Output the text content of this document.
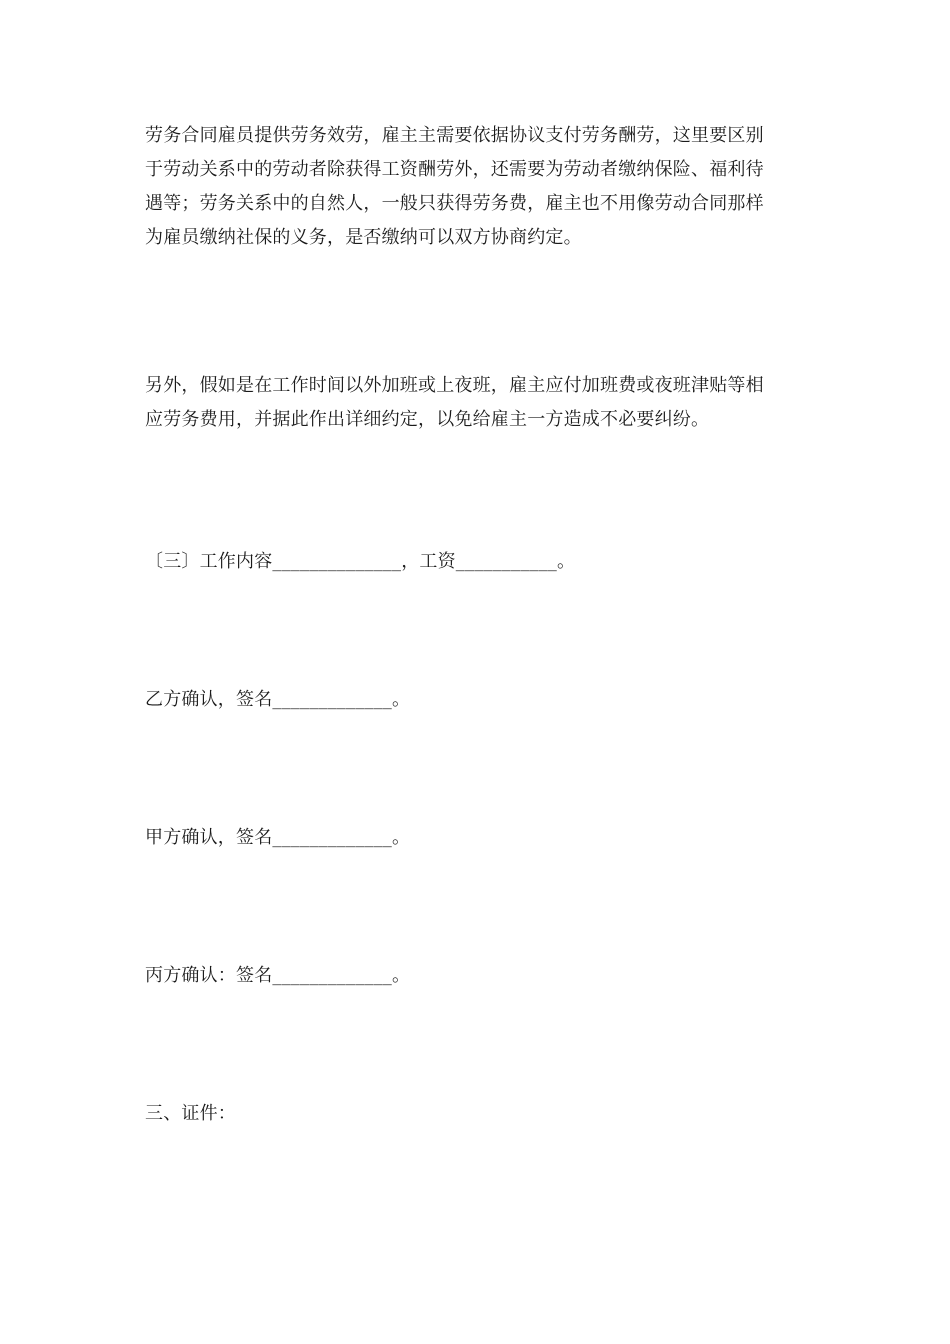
劳务合同雇员提供劳务效劳，雇主主需要依据协议支付劳务酬劳，这里要区别
于劳动关系中的劳动者除获得工资酬劳外，还需要为劳动者缴纳保险、福利待
遇等；劳务关系中的自然人，一般只获得劳务费，雇主也不用像劳动合同那样
为雇员缴纳社保的义务，是否缴纳可以双方协商约定。
另外，假如是在工作时间以外加班或上夜班，雇主应付加班费或夜班津贴等相
应劳务费用，并据此作出详细约定，以免给雇主一方造成不必要纠纷。
〔三〕工作内容______________，工资___________。
乙方确认，签名_____________。
甲方确认，签名_____________。
丙方确认：签名_____________。
三、证件：
